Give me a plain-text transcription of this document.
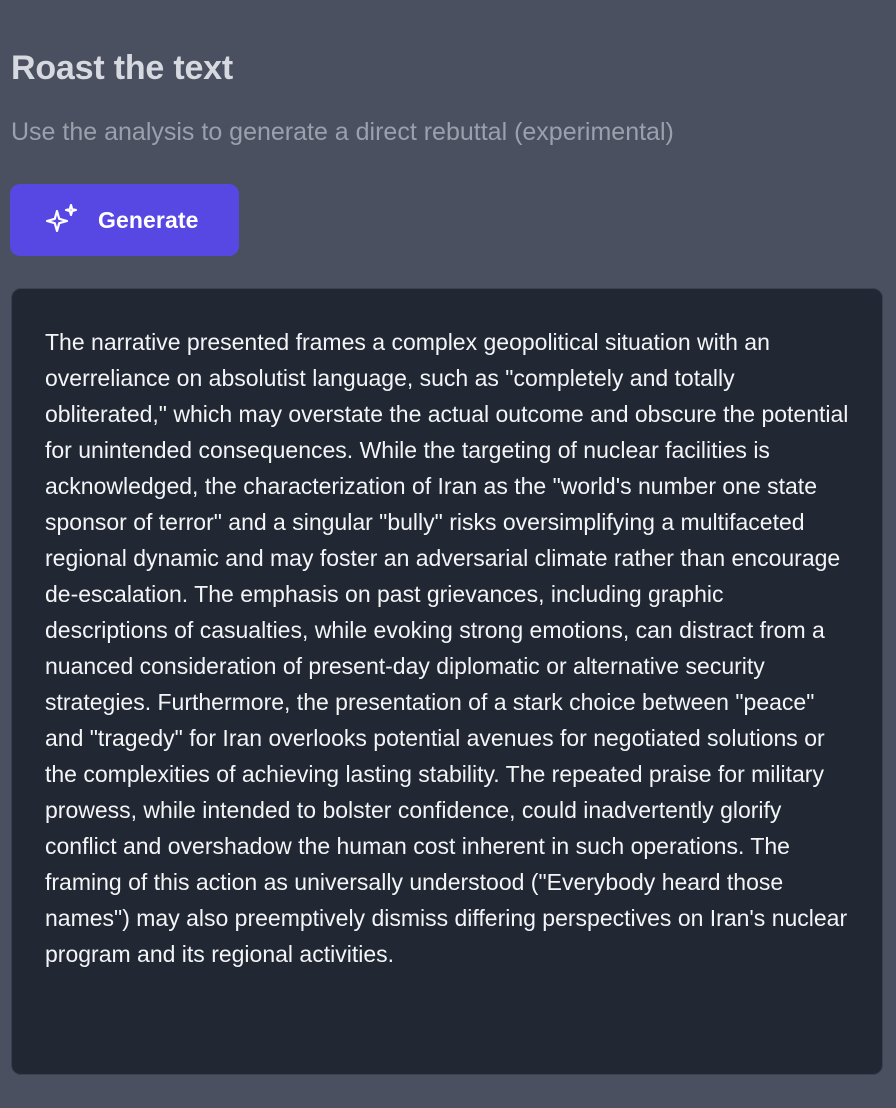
Roast the text

Use the analysis to generate a direct rebuttal (experimental)

Generate

The narrative presented frames a complex geopolitical situation with an overreliance on absolutist language, such as "completely and totally obliterated," which may overstate the actual outcome and obscure the potential for unintended consequences. While the targeting of nuclear facilities is acknowledged, the characterization of Iran as the "world's number one state sponsor of terror" and a singular "bully" risks oversimplifying a multifaceted regional dynamic and may foster an adversarial climate rather than encourage de-escalation. The emphasis on past grievances, including graphic descriptions of casualties, while evoking strong emotions, can distract from a nuanced consideration of present-day diplomatic or alternative security strategies. Furthermore, the presentation of a stark choice between "peace" and "tragedy" for Iran overlooks potential avenues for negotiated solutions or the complexities of achieving lasting stability. The repeated praise for military prowess, while intended to bolster confidence, could inadvertently glorify conflict and overshadow the human cost inherent in such operations. The framing of this action as universally understood ("Everybody heard those names") may also preemptively dismiss differing perspectives on Iran's nuclear program and its regional activities.
